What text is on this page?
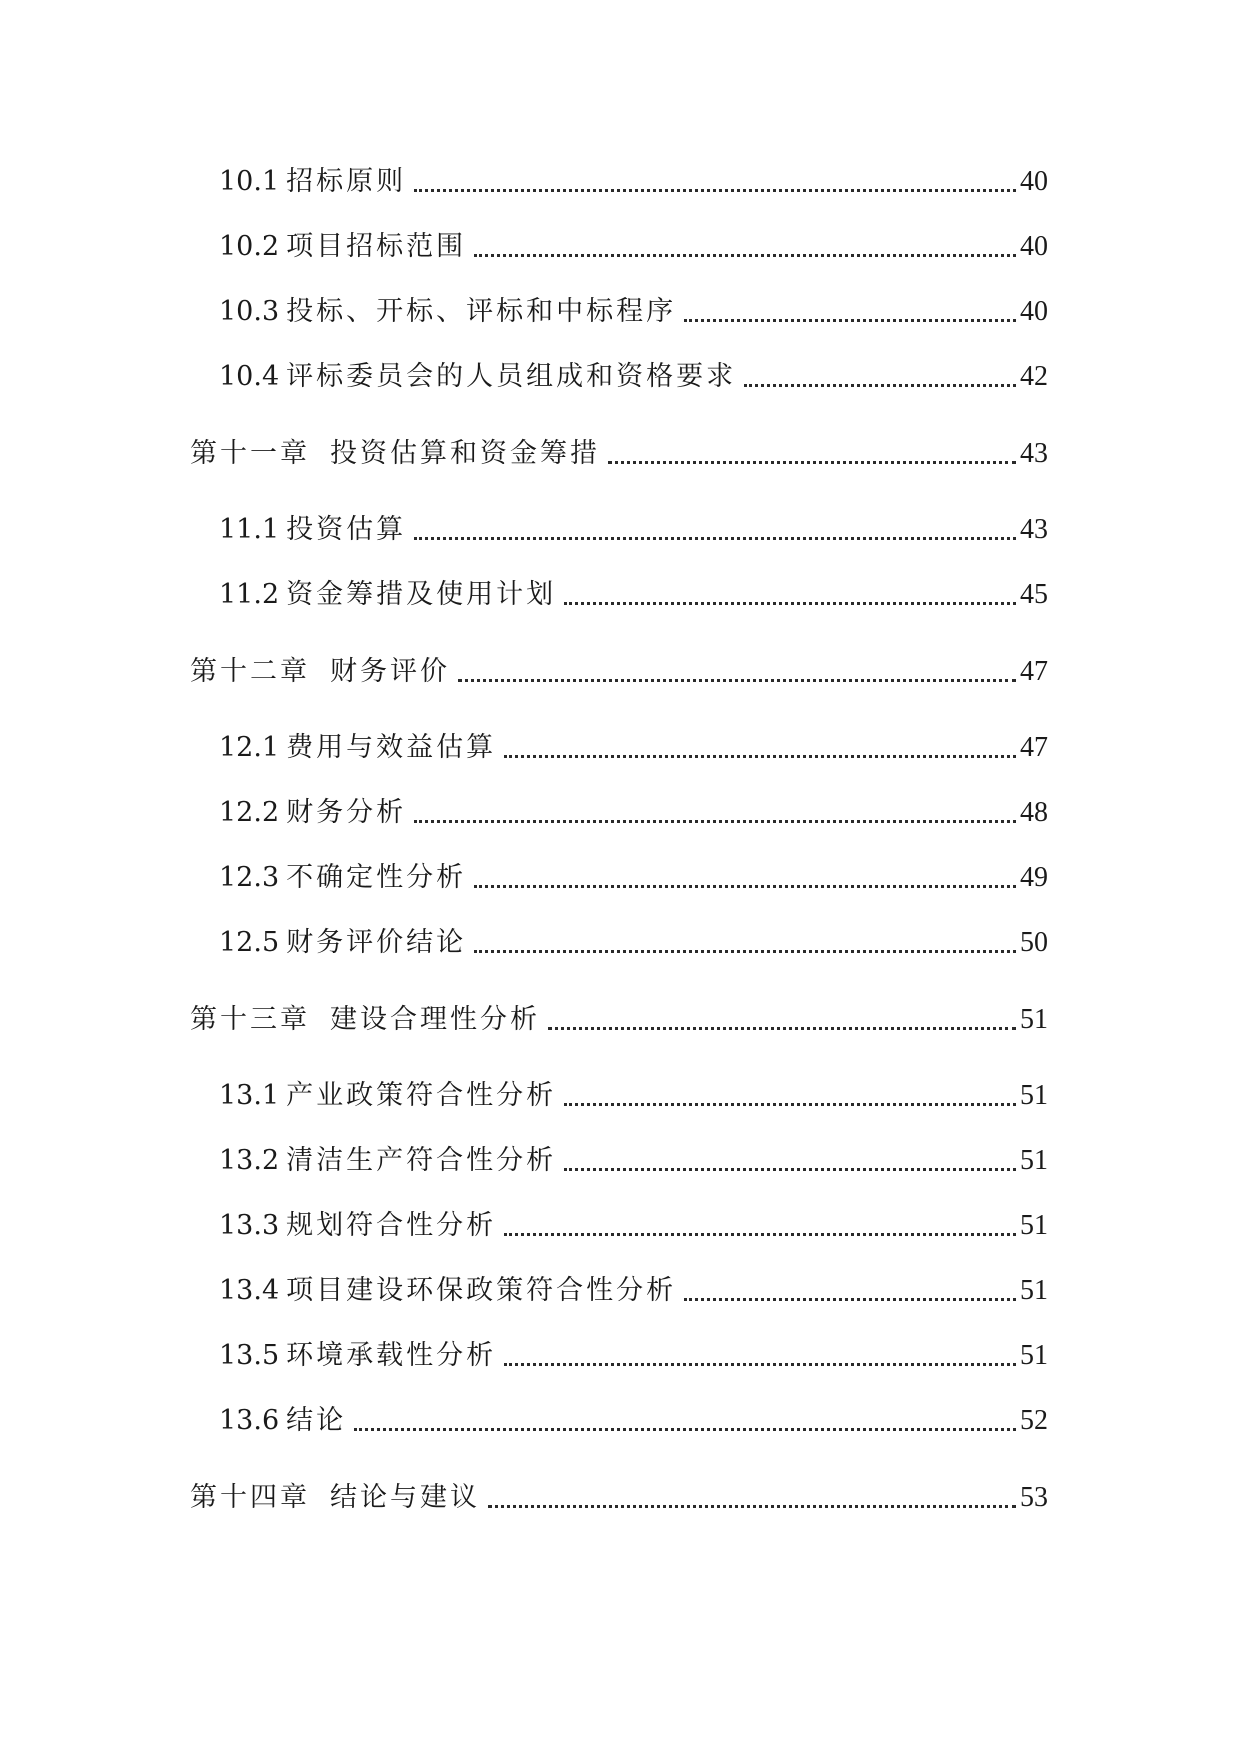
10.1 招标原则	40
10.2 项目招标范围	40
10.3 投标、开标、评标和中标程序	40
10.4 评标委员会的人员组成和资格要求	42
第十一章 投资估算和资金筹措	43
11.1 投资估算	43
11.2 资金筹措及使用计划	45
第十二章 财务评价	47
12.1 费用与效益估算	47
12.2 财务分析	48
12.3 不确定性分析	49
12.5 财务评价结论	50
第十三章 建设合理性分析	51
13.1 产业政策符合性分析	51
13.2 清洁生产符合性分析	51
13.3 规划符合性分析	51
13.4 项目建设环保政策符合性分析	51
13.5 环境承载性分析	51
13.6 结论	52
第十四章 结论与建议	53
